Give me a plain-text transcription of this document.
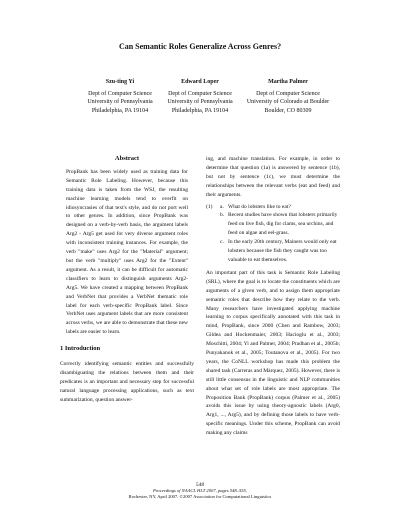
Can Semantic Roles Generalize Across Genres?
Szu-ting Yi
Dept of Computer Science
University of Pennsylvania
Philadelphia, PA 19104
Edward Loper
Dept of Computer Science
University of Pennsylvania
Philadelphia, PA 19104
Martha Palmer
Dept of Computer Science
University of Colorado at Boulder
Boulder, CO 80309
Abstract

PropBank has been widely used as training data for Semantic Role Labeling. However, because this training data is taken from the WSJ, the resulting machine learning models tend to overfit on idiosyncrasies of that text's style, and do not port well to other genres. In addition, since PropBank was designed on a verb-by-verb basis, the argument labels Arg2 - Arg5 get used for very diverse argument roles with inconsistent training instances. For example, the verb "make" uses Arg2 for the "Material" argument; but the verb "multiply" uses Arg2 for the "Extent" argument. As a result, it can be difficult for automatic classifiers to learn to distinguish arguments Arg2-Arg5. We have created a mapping between PropBank and VerbNet that provides a VerbNet thematic role label for each verb-specific PropBank label. Since VerbNet uses argument labels that are more consistent across verbs, we are able to demonstrate that these new labels are easier to learn.

1 Introduction

Correctly identifying semantic entities and successfully disambiguating the relations between them and their predicates is an important and necessary step for successful natural language processing applications, such as text summarization, question answer-

ing, and machine translation. For example, in order to determine that question (1a) is answered by sentence (1b), but not by sentence (1c), we must determine the relationships between the relevant verbs (eat and feed) and their arguments.

(1)	a. What do lobsters like to eat?
b. Recent studies have shown that lobsters primarily feed on live fish, dig for clams, sea urchins, and feed on algae and eel-grass.
c. In the early 20th century, Mainers would only eat lobsters because the fish they caught was too valuable to eat themselves.

An important part of this task is Semantic Role Labeling (SRL), where the goal is to locate the constituents which are arguments of a given verb, and to assign them appropriate semantic roles that describe how they relate to the verb. Many researchers have investigated applying machine learning to corpus specifically annotated with this task in mind, PropBank, since 2000 (Chen and Rambow, 2003; Gildea and Hockenmaier, 2003; Hacioglu et al., 2003; Moschitti, 2004; Yi and Palmer, 2004; Pradhan et al., 2005b; Punyakanok et al., 2005; Toutanova et al., 2005). For two years, the CoNLL workshop has made this problem the shared task (Carreras and Màrquez, 2005). However, there is still little consensus in the linguistic and NLP communities about what set of role labels are most appropriate. The Proposition Bank (PropBank) corpus (Palmer et al., 2005) avoids this issue by using theory-agnostic labels (Arg0, Arg1, ..., Arg5), and by defining those labels to have verb-specific meanings. Under this scheme, PropBank can avoid making any claims

548
Proceedings of NAACL HLT 2007, pages 548–555,
Rochester, NY, April 2007. ©2007 Association for Computational Linguistics
